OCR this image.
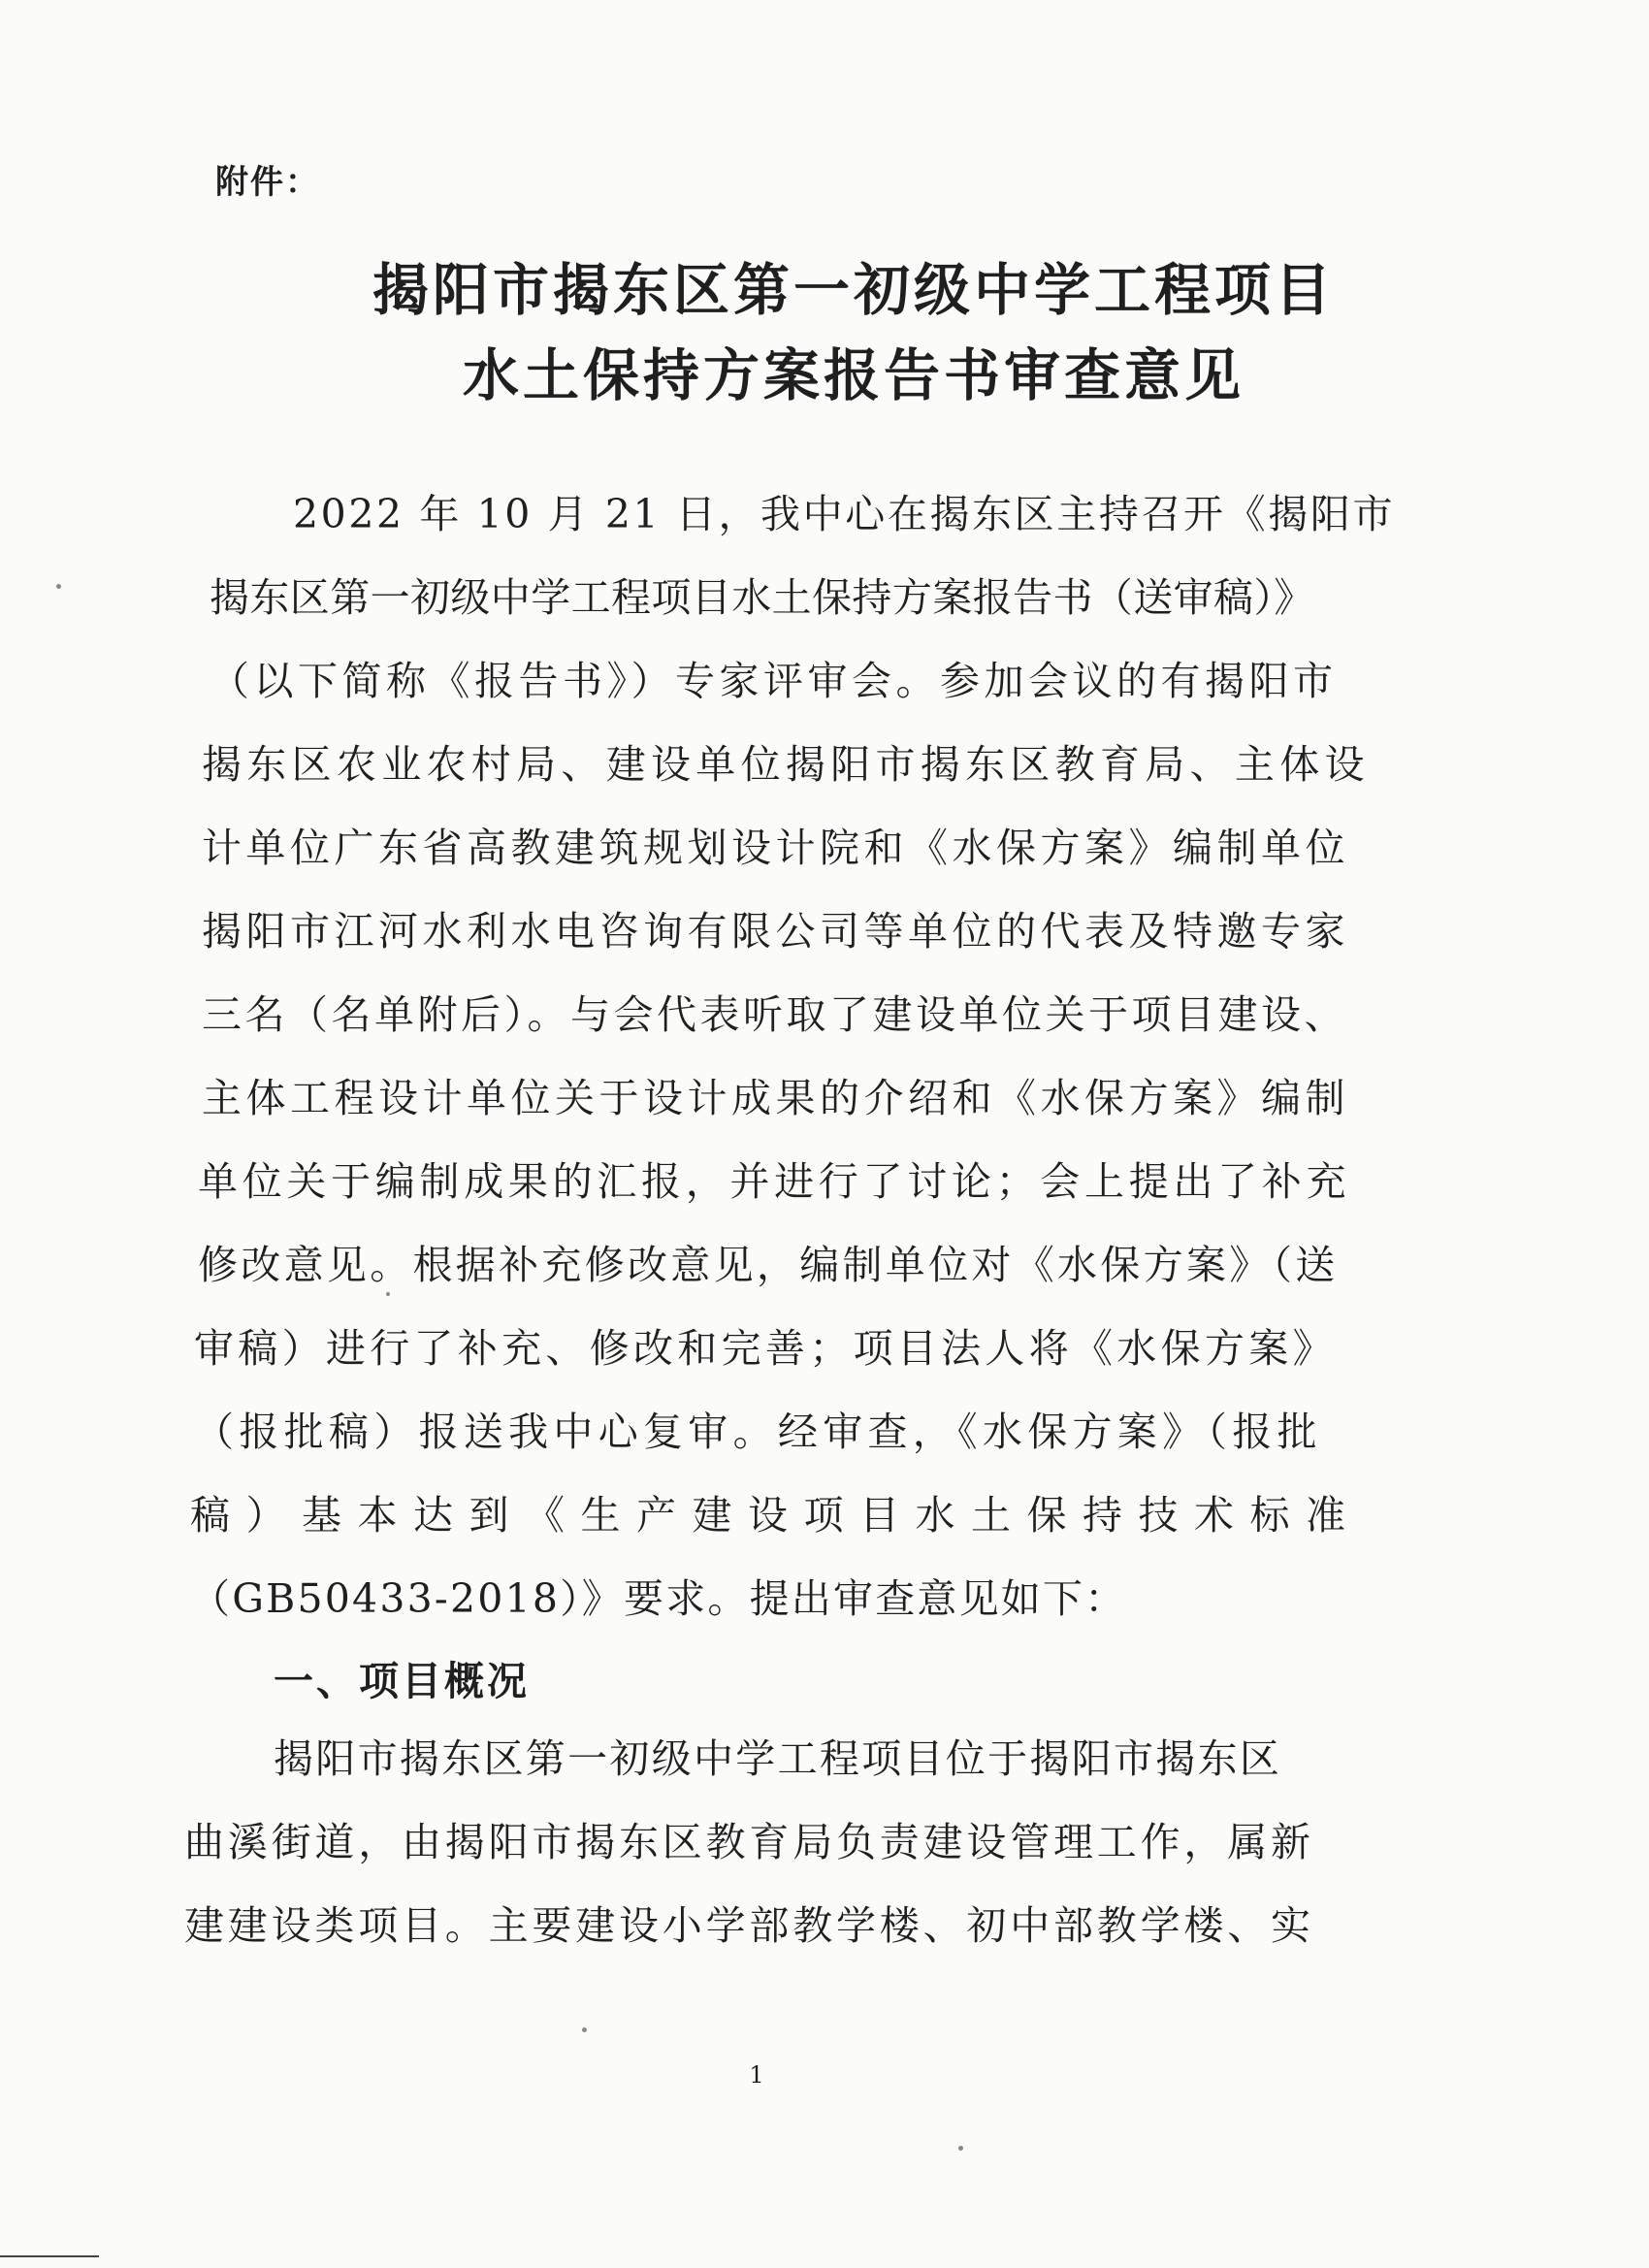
附件：
揭阳市揭东区第一初级中学工程项目
水土保持方案报告书审查意见
2022 年 10 月 21 日，我中心在揭东区主持召开《揭阳市
揭东区第一初级中学工程项目水土保持方案报告书（送审稿）》
（以下简称《报告书》）专家评审会。参加会议的有揭阳市
揭东区农业农村局、建设单位揭阳市揭东区教育局、主体设
计单位广东省高教建筑规划设计院和《水保方案》编制单位
揭阳市江河水利水电咨询有限公司等单位的代表及特邀专家
三名（名单附后）。与会代表听取了建设单位关于项目建设、
主体工程设计单位关于设计成果的介绍和《水保方案》编制
单位关于编制成果的汇报，并进行了讨论；会上提出了补充
修改意见。根据补充修改意见，编制单位对《水保方案》（送
审稿）进行了补充、修改和完善；项目法人将《水保方案》
（报批稿）报送我中心复审。经审查，《水保方案》（报批
稿）基本达到《生产建设项目水土保持技术标准
（GB50433-2018）》要求。提出审查意见如下：
一、项目概况
揭阳市揭东区第一初级中学工程项目位于揭阳市揭东区
曲溪街道，由揭阳市揭东区教育局负责建设管理工作，属新
建建设类项目。主要建设小学部教学楼、初中部教学楼、实
1
